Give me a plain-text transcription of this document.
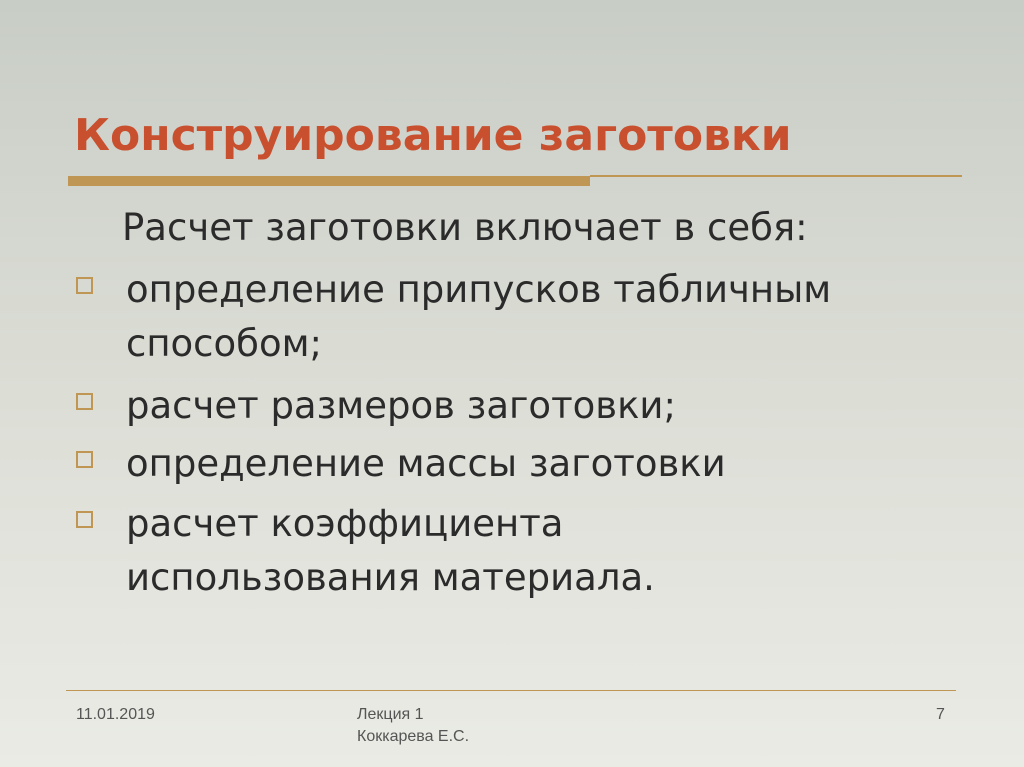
Конструирование заготовки
Расчет заготовки включает в себя:
определение припусков табличным
способом;
расчет размеров заготовки;
определение массы заготовки
расчет коэффициента
использования материала.
11.01.2019	Лекция 1
Коккарева Е.С.
7
